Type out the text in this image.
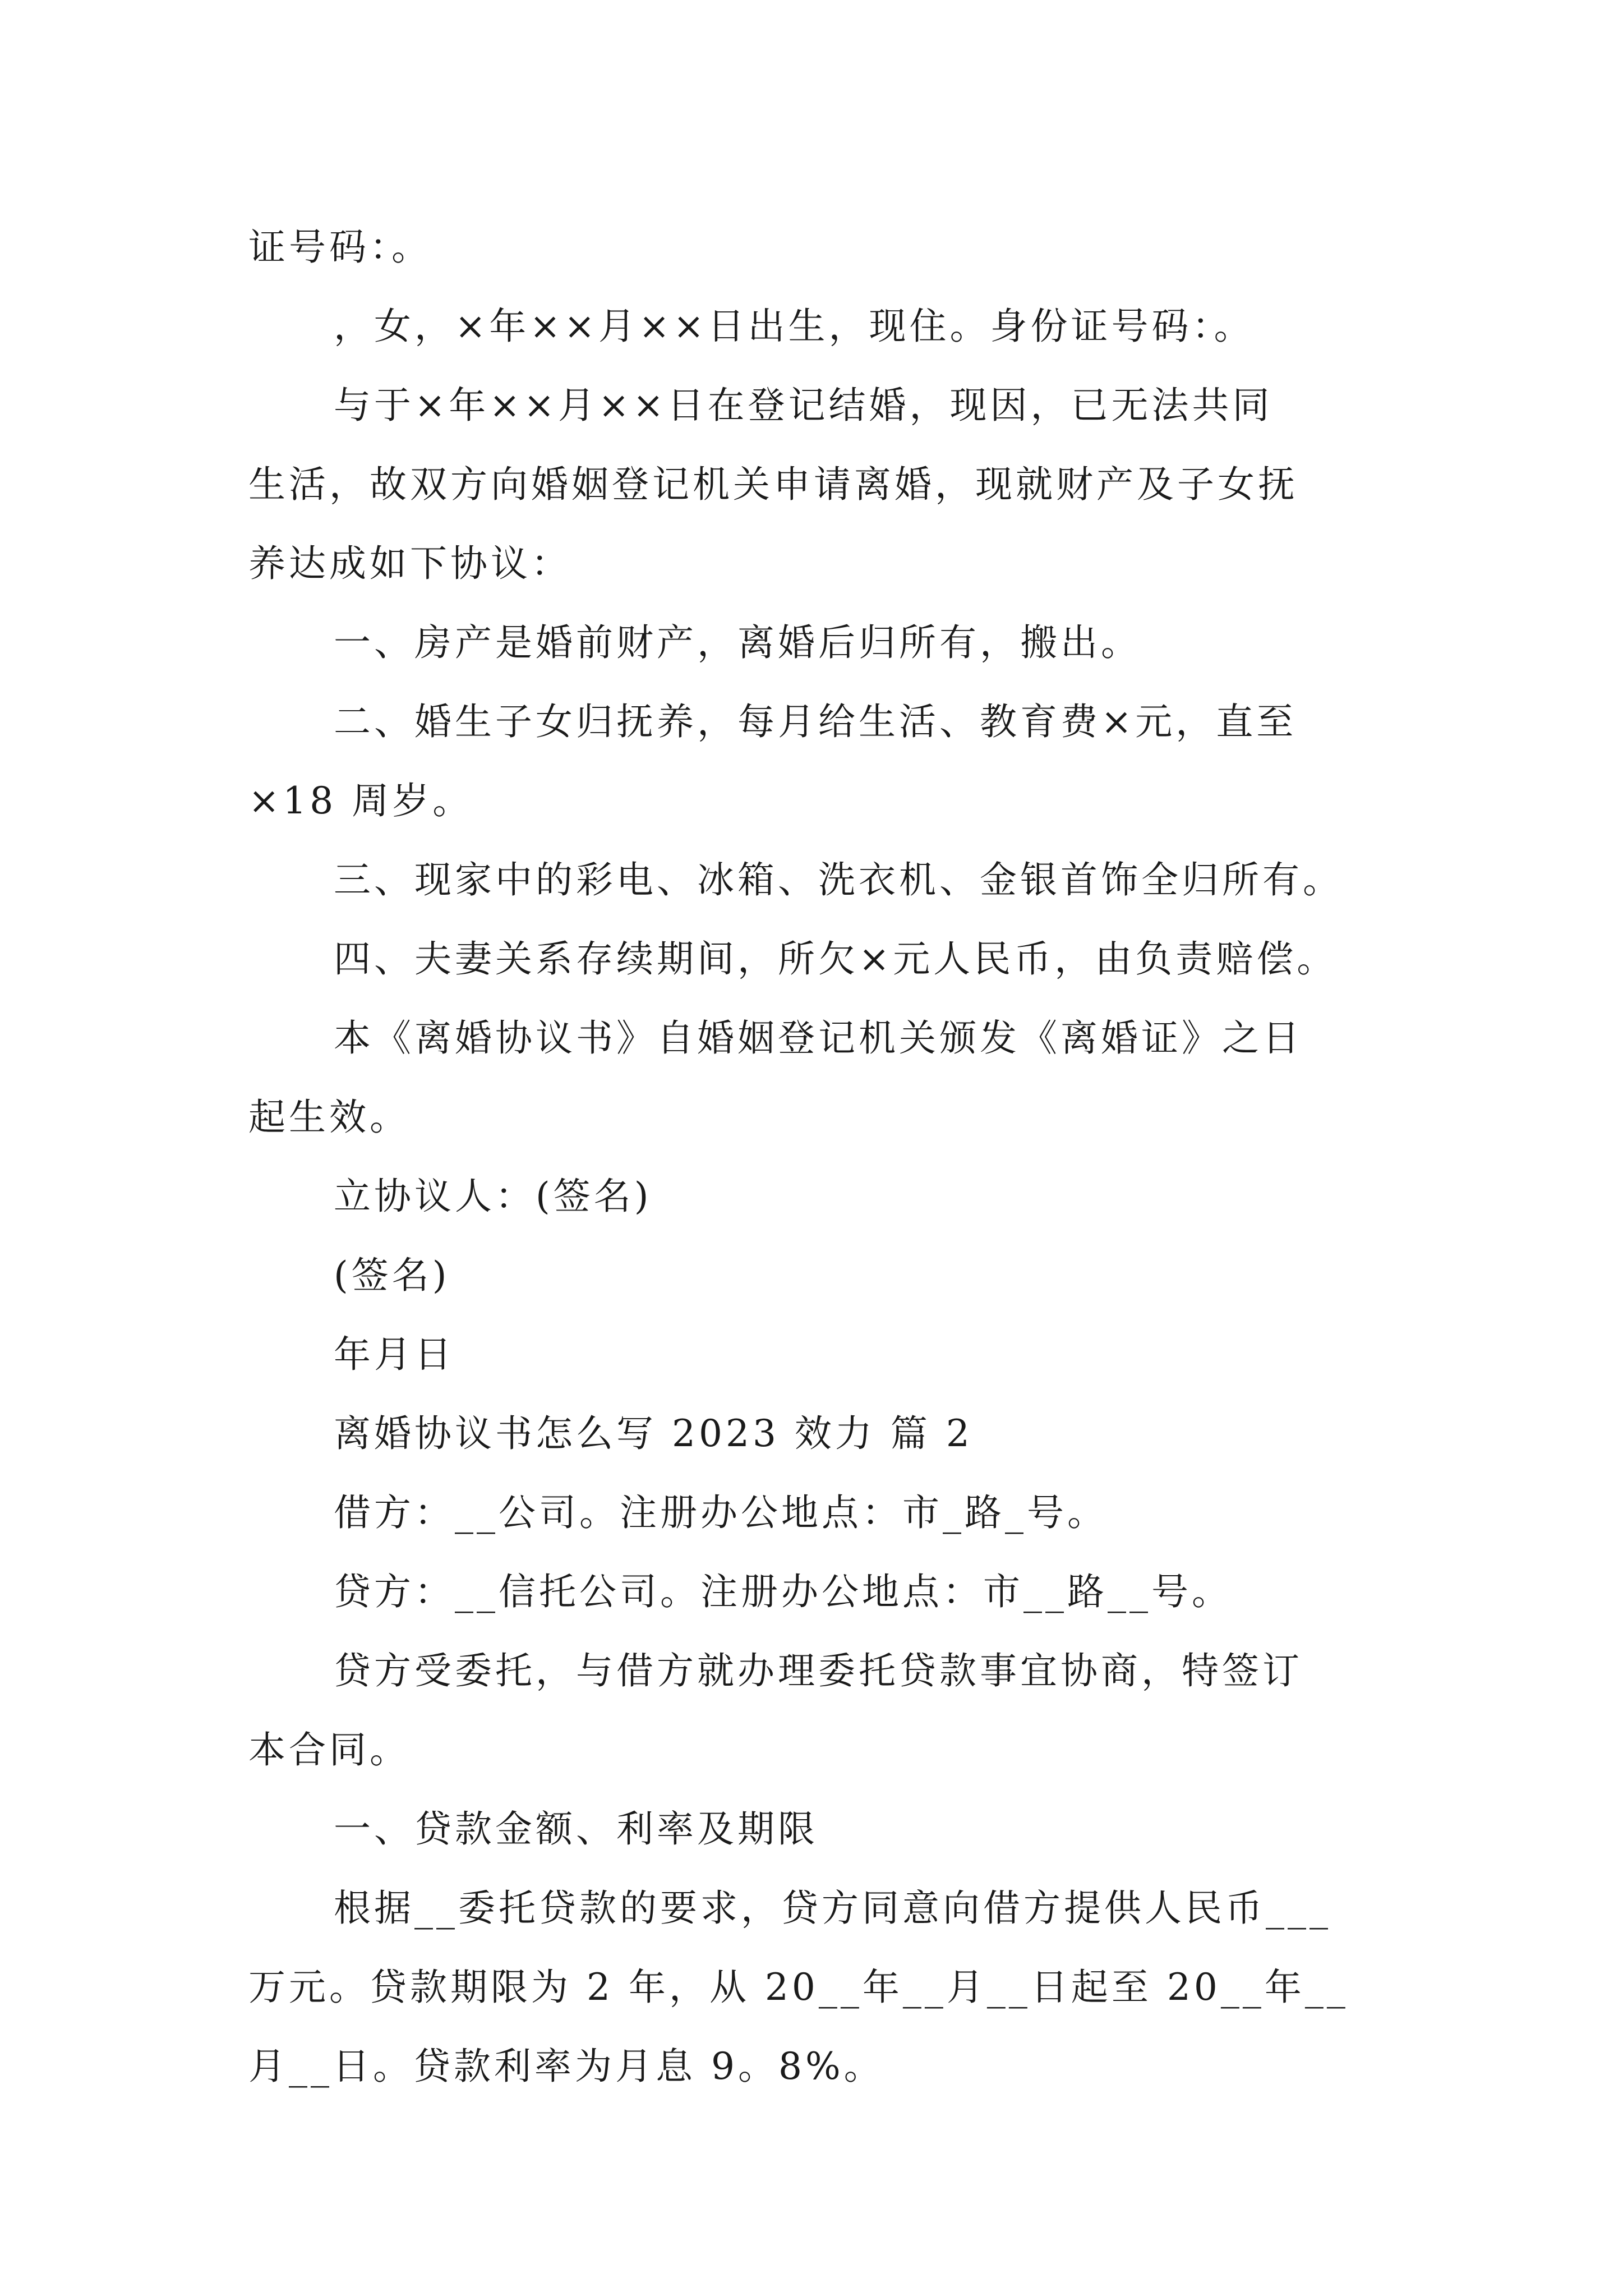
证号码：。
，女，×年××月××日出生，现住。身份证号码：。
与于×年××月××日在登记结婚，现因，已无法共同
生活，故双方向婚姻登记机关申请离婚，现就财产及子女抚
养达成如下协议：
一、房产是婚前财产，离婚后归所有，搬出。
二、婚生子女归抚养，每月给生活、教育费×元，直至
×18 周岁。
三、现家中的彩电、冰箱、洗衣机、金银首饰全归所有。
四、夫妻关系存续期间，所欠×元人民币，由负责赔偿。
本《离婚协议书》自婚姻登记机关颁发《离婚证》之日
起生效。
立协议人：(签名)
(签名)
年月日
离婚协议书怎么写 2023 效力 篇 2
借方：__公司。注册办公地点：市_路_号。
贷方：__信托公司。注册办公地点：市__路__号。
贷方受委托，与借方就办理委托贷款事宜协商，特签订
本合同。
一、贷款金额、利率及期限
根据__委托贷款的要求，贷方同意向借方提供人民币___
万元。贷款期限为 2 年，从 20__年__月__日起至 20__年__
月__日。贷款利率为月息 9。8%。
